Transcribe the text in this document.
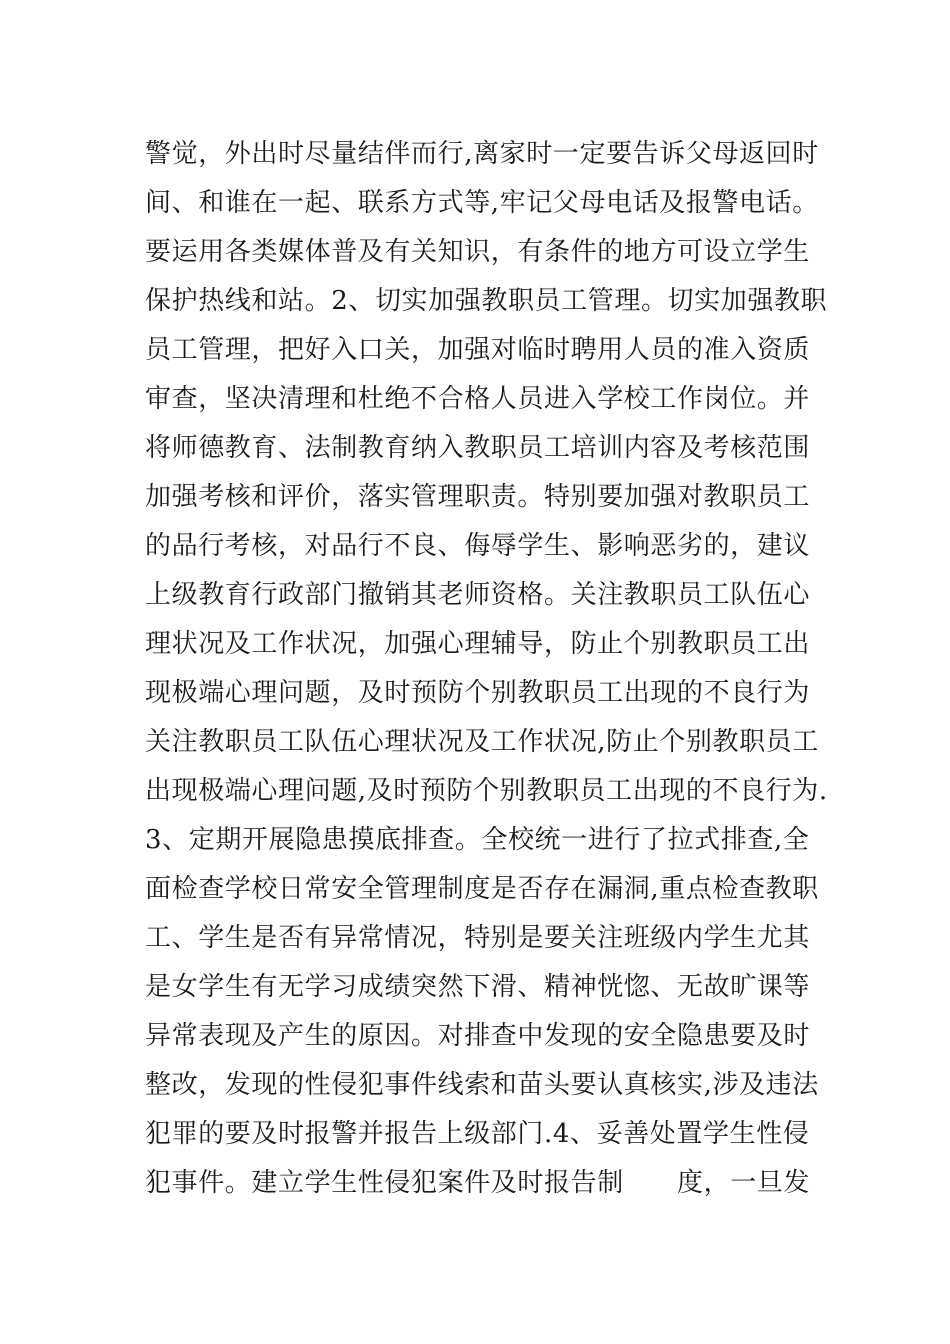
警觉，外出时尽量结伴而行,离家时一定要告诉父母返回时
间、和谁在一起、联系方式等,牢记父母电话及报警电话。
要运用各类媒体普及有关知识，有条件的地方可设立学生
保护热线和站。2、切实加强教职员工管理。切实加强教职
员工管理，把好入口关，加强对临时聘用人员的准入资质
审查，坚决清理和杜绝不合格人员进入学校工作岗位。并
将师德教育、法制教育纳入教职员工培训内容及考核范围
加强考核和评价，落实管理职责。特别要加强对教职员工
的品行考核，对品行不良、侮辱学生、影响恶劣的，建议
上级教育行政部门撤销其老师资格。关注教职员工队伍心
理状况及工作状况，加强心理辅导，防止个别教职员工出
现极端心理问题，及时预防个别教职员工出现的不良行为
关注教职员工队伍心理状况及工作状况,防止个别教职员工
出现极端心理问题,及时预防个别教职员工出现的不良行为.
3、定期开展隐患摸底排查。全校统一进行了拉式排查,全
面检查学校日常安全管理制度是否存在漏洞,重点检查教职
工、学生是否有异常情况，特别是要关注班级内学生尤其
是女学生有无学习成绩突然下滑、精神恍惚、无故旷课等
异常表现及产生的原因。对排查中发现的安全隐患要及时
整改，发现的性侵犯事件线索和苗头要认真核实,涉及违法
犯罪的要及时报警并报告上级部门.4、妥善处置学生性侵
犯事件。建立学生性侵犯案件及时报告制　　度，一旦发
